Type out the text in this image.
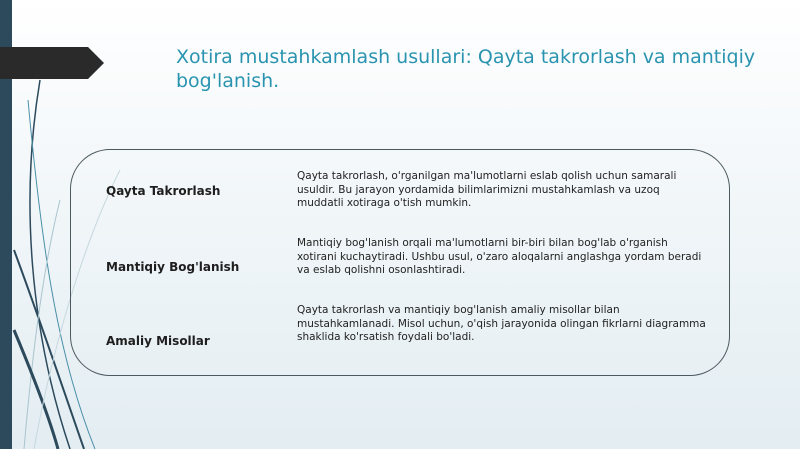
Xotira mustahkamlash usullari: Qayta takrorlash va mantiqiy bog'lanish.

Qayta Takrorlash

Qayta takrorlash, o'rganilgan ma'lumotlarni eslab qolish uchun samarali usuldir. Bu jarayon yordamida bilimlarimizni mustahkamlash va uzoq muddatli xotiraga o'tish mumkin.

Mantiqiy Bog'lanish

Mantiqiy bog'lanish orqali ma'lumotlarni bir-biri bilan bog'lab o'rganish xotirani kuchaytiradi. Ushbu usul, o'zaro aloqalarni anglashga yordam beradi va eslab qolishni osonlashtiradi.

Amaliy Misollar

Qayta takrorlash va mantiqiy bog'lanish amaliy misollar bilan mustahkamlanadi. Misol uchun, o'qish jarayonida olingan fikrlarni diagramma shaklida ko'rsatish foydali bo'ladi.
